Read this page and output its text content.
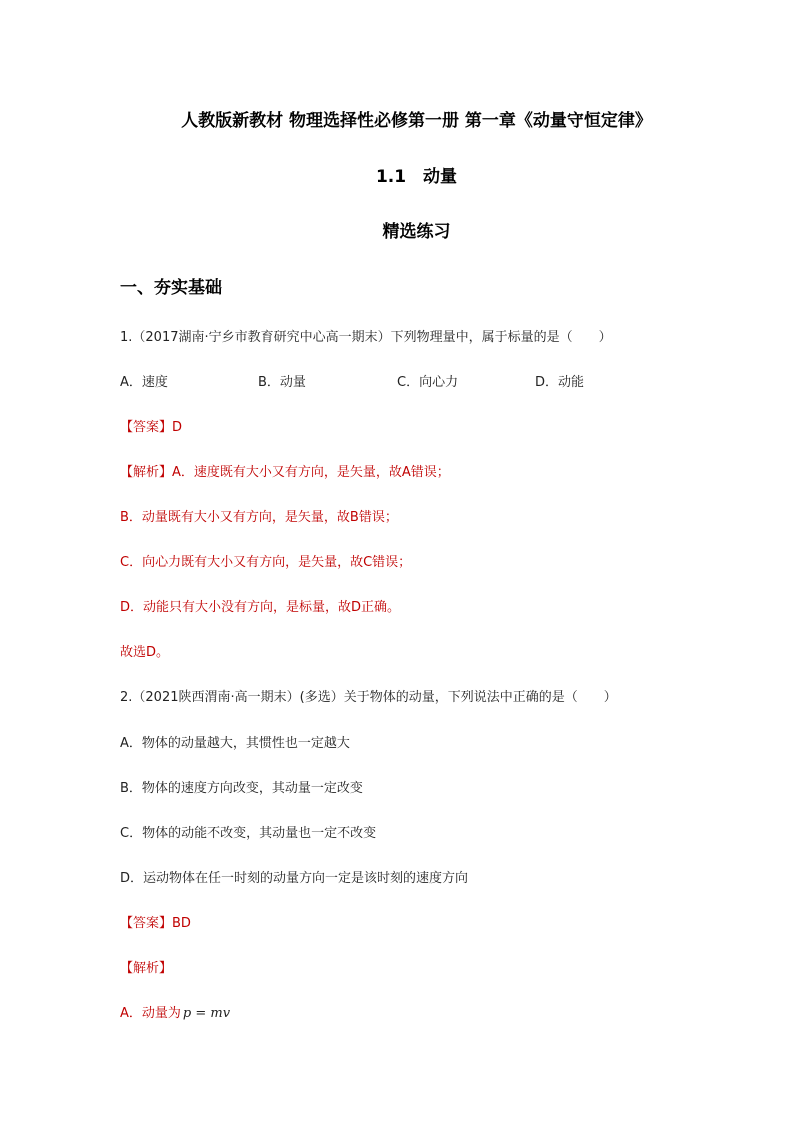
人教版新教材 物理选择性必修第一册 第一章《动量守恒定律》
1.1　动量
精选练习
一、夯实基础
1.（2017湖南·宁乡市教育研究中心高一期末）下列物理量中，属于标量的是（　　）
A．速度	B．动量	C．向心力	D．动能
【答案】D
【解析】A．速度既有大小又有方向，是矢量，故A错误；
B．动量既有大小又有方向，是矢量，故B错误；
C．向心力既有大小又有方向，是矢量，故C错误；
D．动能只有大小没有方向，是标量，故D正确。
故选D。
2.（2021陕西渭南·高一期末）(多选）关于物体的动量，下列说法中正确的是（　　）
A．物体的动量越大，其惯性也一定越大
B．物体的速度方向改变，其动量一定改变
C．物体的动能不改变，其动量也一定不改变
D．运动物体在任一时刻的动量方向一定是该时刻的速度方向
【答案】BD
【解析】
A．动量为 p = mv
